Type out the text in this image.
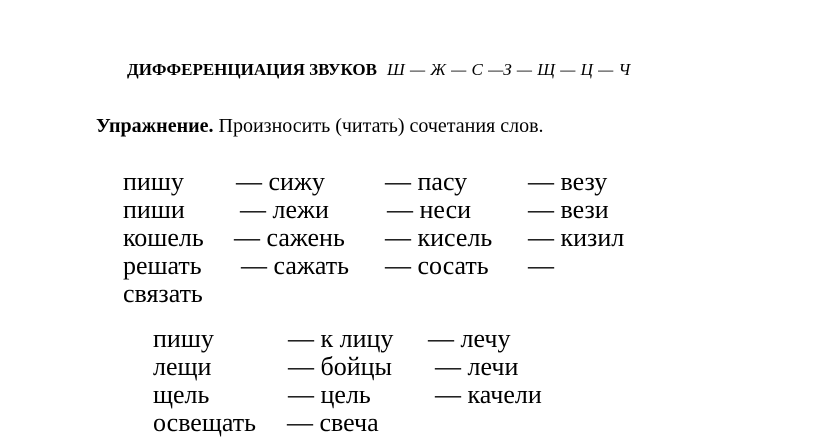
ДИФФЕРЕНЦИАЦИЯ ЗВУКОВ Ш — Ж — С —З — Щ — Ц — Ч
Упражнение. Произносить (читать) сочетания слов.
пишу — сижу — пасу — везу
пиши — лежи — неси — вези
кошель — сажень — кисель — кизил
решать — сажать — сосать —
связать
пишу	— к лицу — лечу
лещи	— бойцы — лечи
щель	— цель — качели
освещать — свеча
